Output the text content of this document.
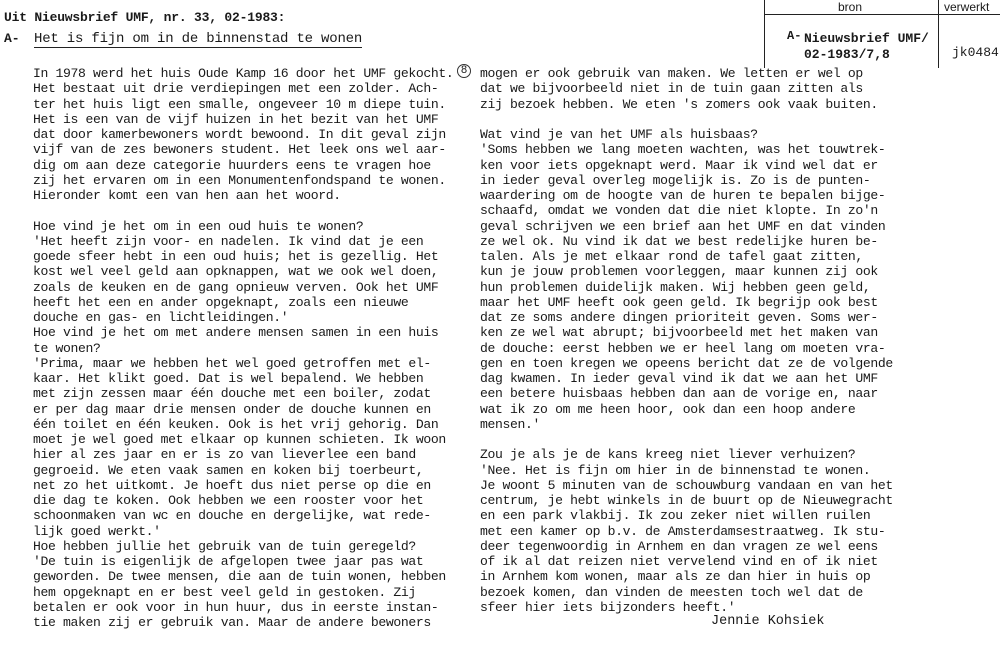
Uit Nieuwsbrief UMF, nr. 33, 02-1983:
A- Het is fijn om in de binnenstad te wonen
bron	verwerkt
A- Nieuwsbrief UMF/
02-1983/7,8	jk0484
In 1978 werd het huis Oude Kamp 16 door het UMF gekocht.
Het bestaat uit drie verdiepingen met een zolder. Ach-
ter het huis ligt een smalle, ongeveer 10 m diepe tuin.
Het is een van de vijf huizen in het bezit van het UMF
dat door kamerbewoners wordt bewoond. In dit geval zijn
vijf van de zes bewoners student. Het leek ons wel aar-
dig om aan deze categorie huurders eens te vragen hoe
zij het ervaren om in een Monumentenfondspand te wonen.
Hieronder komt een van hen aan het woord.
Hoe vind je het om in een oud huis te wonen?
'Het heeft zijn voor- en nadelen. Ik vind dat je een
goede sfeer hebt in een oud huis; het is gezellig. Het
kost wel veel geld aan opknappen, wat we ook wel doen,
zoals de keuken en de gang opnieuw verven. Ook het UMF
heeft het een en ander opgeknapt, zoals een nieuwe
douche en gas- en lichtleidingen.'
Hoe vind je het om met andere mensen samen in een huis
te wonen?
'Prima, maar we hebben het wel goed getroffen met el-
kaar. Het klikt goed. Dat is wel bepalend. We hebben
met zijn zessen maar één douche met een boiler, zodat
er per dag maar drie mensen onder de douche kunnen en
één toilet en één keuken. Ook is het vrij gehorig. Dan
moet je wel goed met elkaar op kunnen schieten. Ik woon
hier al zes jaar en er is zo van lieverlee een band
gegroeid. We eten vaak samen en koken bij toerbeurt,
net zo het uitkomt. Je hoeft dus niet perse op die en
die dag te koken. Ook hebben we een rooster voor het
schoonmaken van wc en douche en dergelijke, wat rede-
lijk goed werkt.'
Hoe hebben jullie het gebruik van de tuin geregeld?
'De tuin is eigenlijk de afgelopen twee jaar pas wat
geworden. De twee mensen, die aan de tuin wonen, hebben
hem opgeknapt en er best veel geld in gestoken. Zij
betalen er ook voor in hun huur, dus in eerste instan-
tie maken zij er gebruik van. Maar de andere bewoners
8 mogen er ook gebruik van maken. We letten er wel op
dat we bijvoorbeeld niet in de tuin gaan zitten als
zij bezoek hebben. We eten 's zomers ook vaak buiten.
Wat vind je van het UMF als huisbaas?
'Soms hebben we lang moeten wachten, was het touwtrek-
ken voor iets opgeknapt werd. Maar ik vind wel dat er
in ieder geval overleg mogelijk is. Zo is de punten-
waardering om de hoogte van de huren te bepalen bijge-
schaafd, omdat we vonden dat die niet klopte. In zo'n
geval schrijven we een brief aan het UMF en dat vinden
ze wel ok. Nu vind ik dat we best redelijke huren be-
talen. Als je met elkaar rond de tafel gaat zitten,
kun je jouw problemen voorleggen, maar kunnen zij ook
hun problemen duidelijk maken. Wij hebben geen geld,
maar het UMF heeft ook geen geld. Ik begrijp ook best
dat ze soms andere dingen prioriteit geven. Soms wer-
ken ze wel wat abrupt; bijvoorbeeld met het maken van
de douche: eerst hebben we er heel lang om moeten vra-
gen en toen kregen we opeens bericht dat ze de volgende
dag kwamen. In ieder geval vind ik dat we aan het UMF
een betere huisbaas hebben dan aan de vorige en, naar
wat ik zo om me heen hoor, ook dan een hoop andere
mensen.'
Zou je als je de kans kreeg niet liever verhuizen?
'Nee. Het is fijn om hier in de binnenstad te wonen.
Je woont 5 minuten van de schouwburg vandaan en van het
centrum, je hebt winkels in de buurt op de Nieuwegracht
en een park vlakbij. Ik zou zeker niet willen ruilen
met een kamer op b.v. de Amsterdamsestraatweg. Ik stu-
deer tegenwoordig in Arnhem en dan vragen ze wel eens
of ik al dat reizen niet vervelend vind en of ik niet
in Arnhem kom wonen, maar als ze dan hier in huis op
bezoek komen, dan vinden de meesten toch wel dat de
sfeer hier iets bijzonders heeft.'
Jennie Kohsiek
